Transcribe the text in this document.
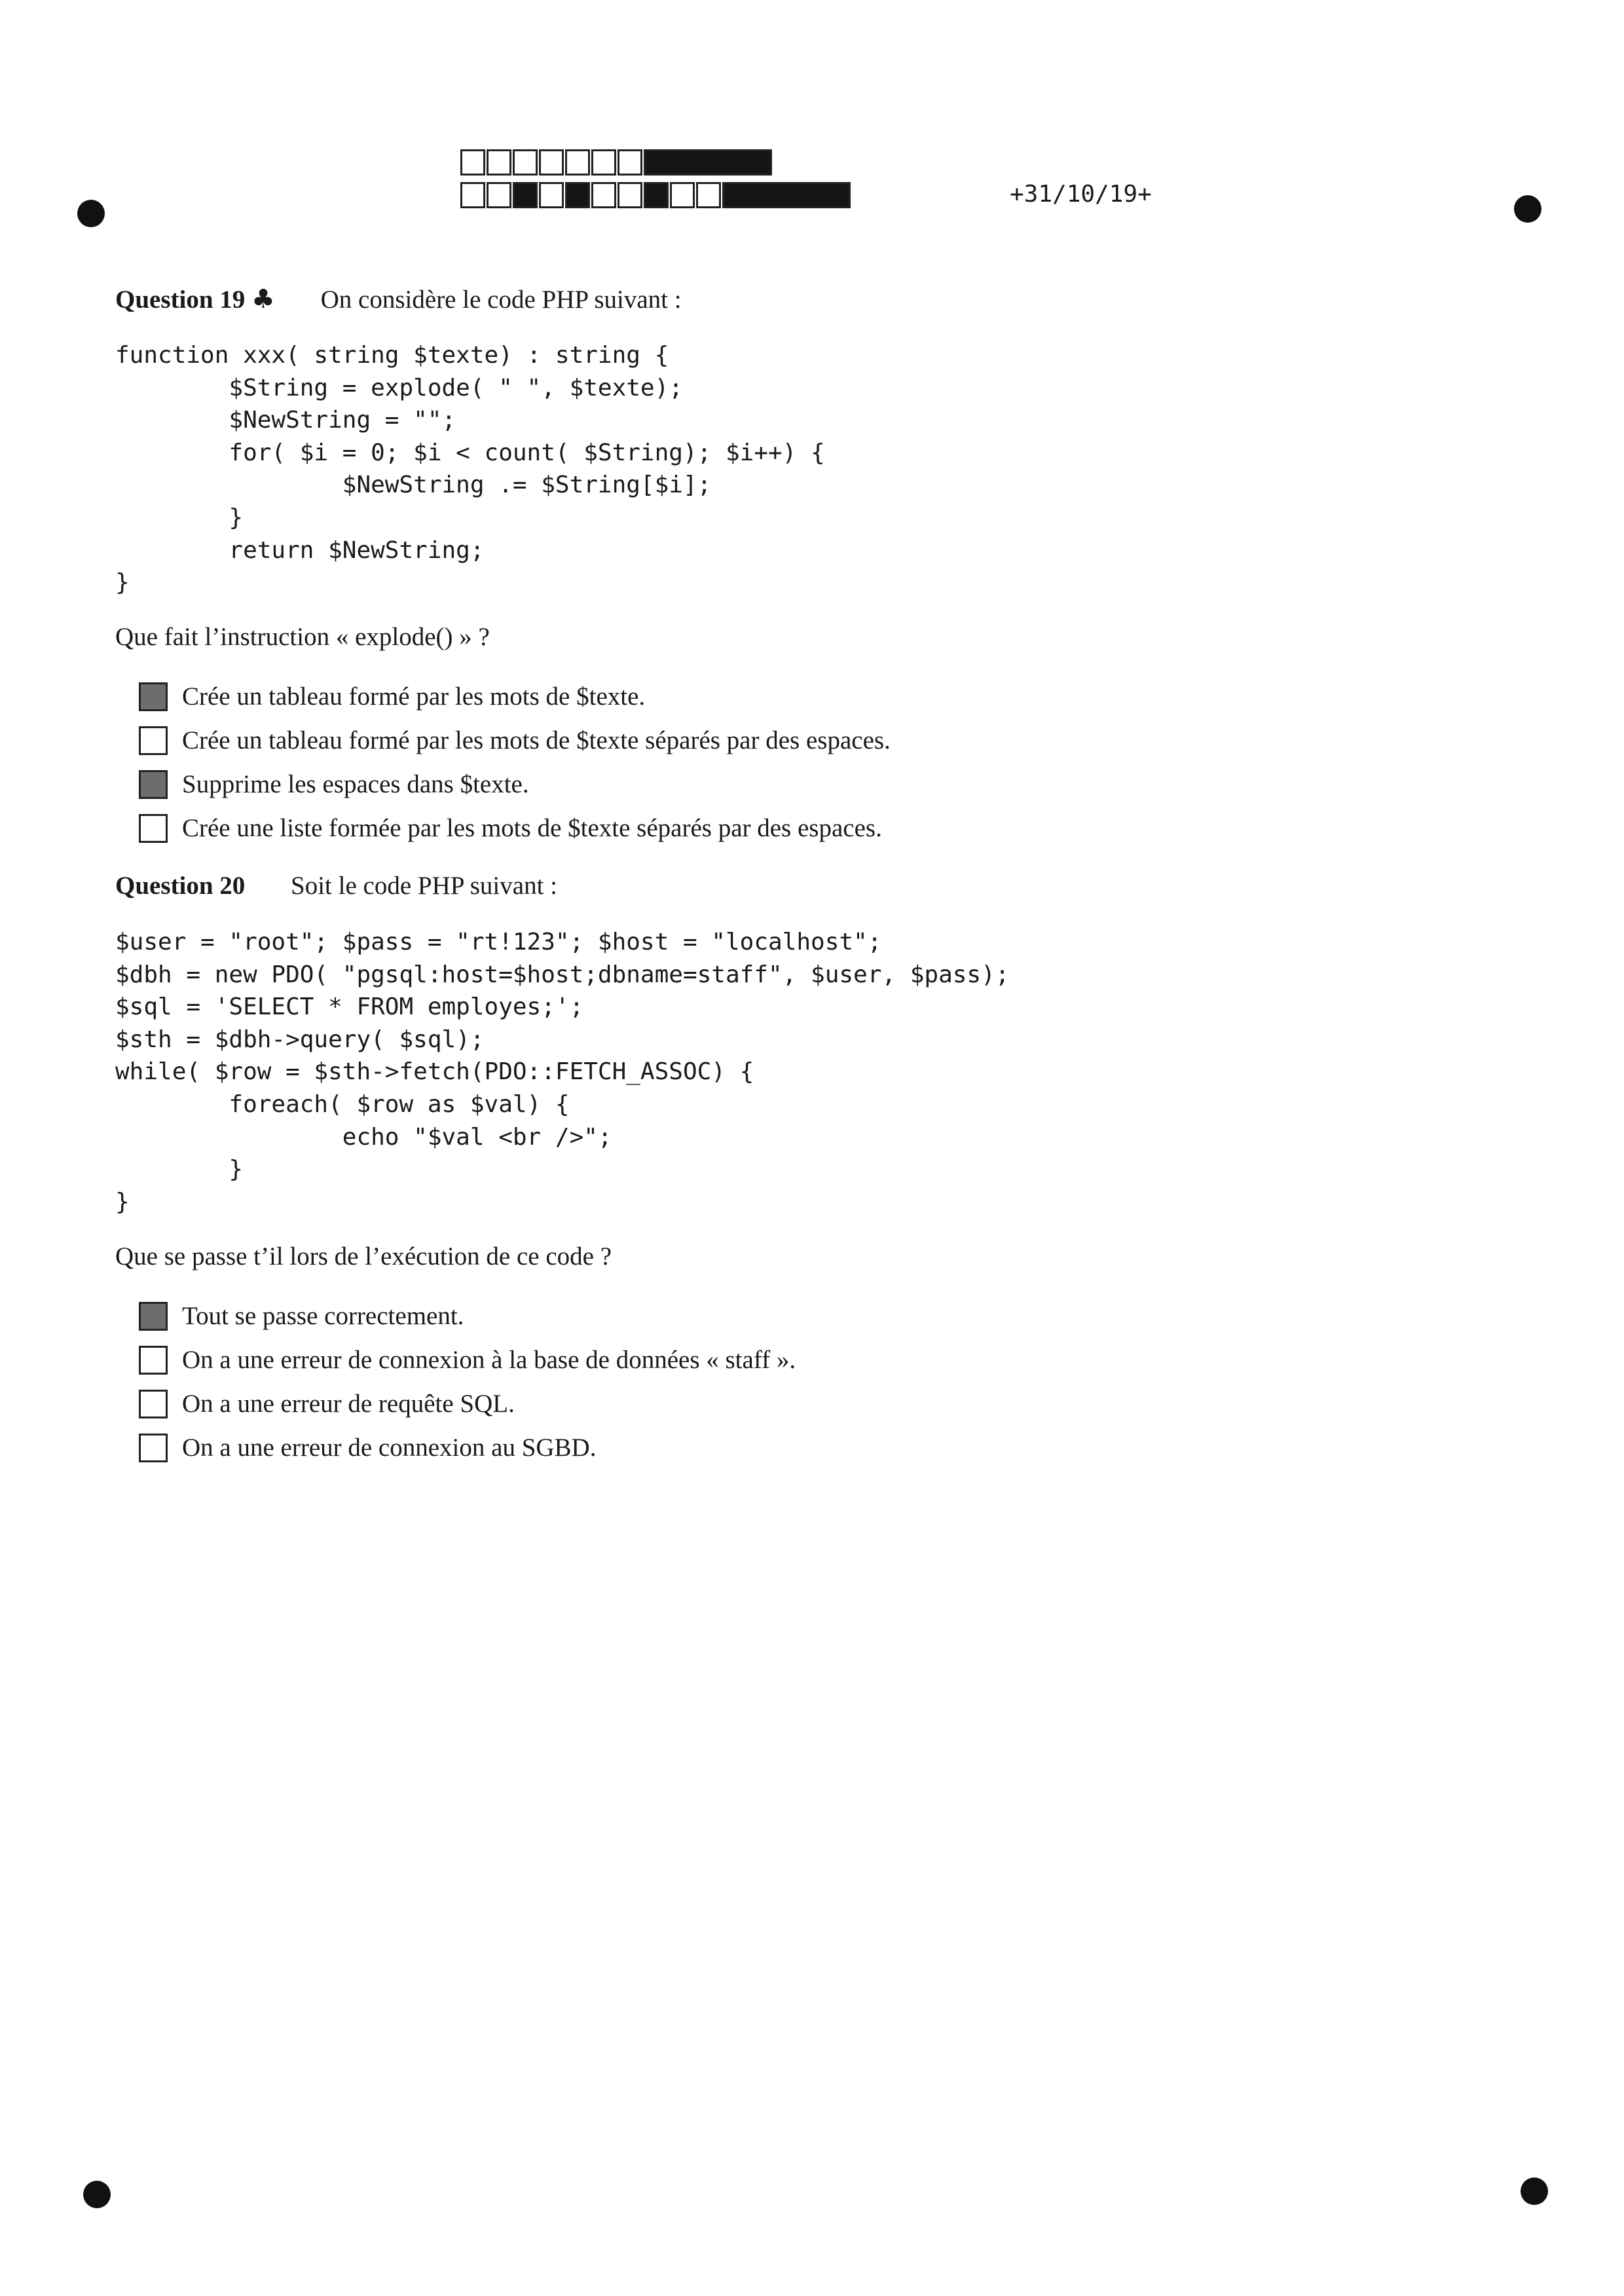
+31/10/19+
Question 19 ♣ On considère le code PHP suivant :
function xxx( string $texte) : string {
$String = explode( " ", $texte);
$NewString = "";
for( $i = 0; $i < count( $String); $i++) {
$NewString .= $String[$i];
}
return $NewString;
}
Que fait l’instruction « explode() » ?
Crée un tableau formé par les mots de $texte.
Crée un tableau formé par les mots de $texte séparés par des espaces.
Supprime les espaces dans $texte.
Crée une liste formée par les mots de $texte séparés par des espaces.
Question 20 Soit le code PHP suivant :
$user = "root"; $pass = "rt!123"; $host = "localhost";
$dbh = new PDO( "pgsql:host=$host;dbname=staff", $user, $pass);
$sql = 'SELECT * FROM employes;';
$sth = $dbh->query( $sql);
while( $row = $sth->fetch(PDO::FETCH_ASSOC) {
foreach( $row as $val) {
echo "$val <br />";
}
}
Que se passe t’il lors de l’exécution de ce code ?
Tout se passe correctement.
On a une erreur de connexion à la base de données « staff ».
On a une erreur de requête SQL.
On a une erreur de connexion au SGBD.
